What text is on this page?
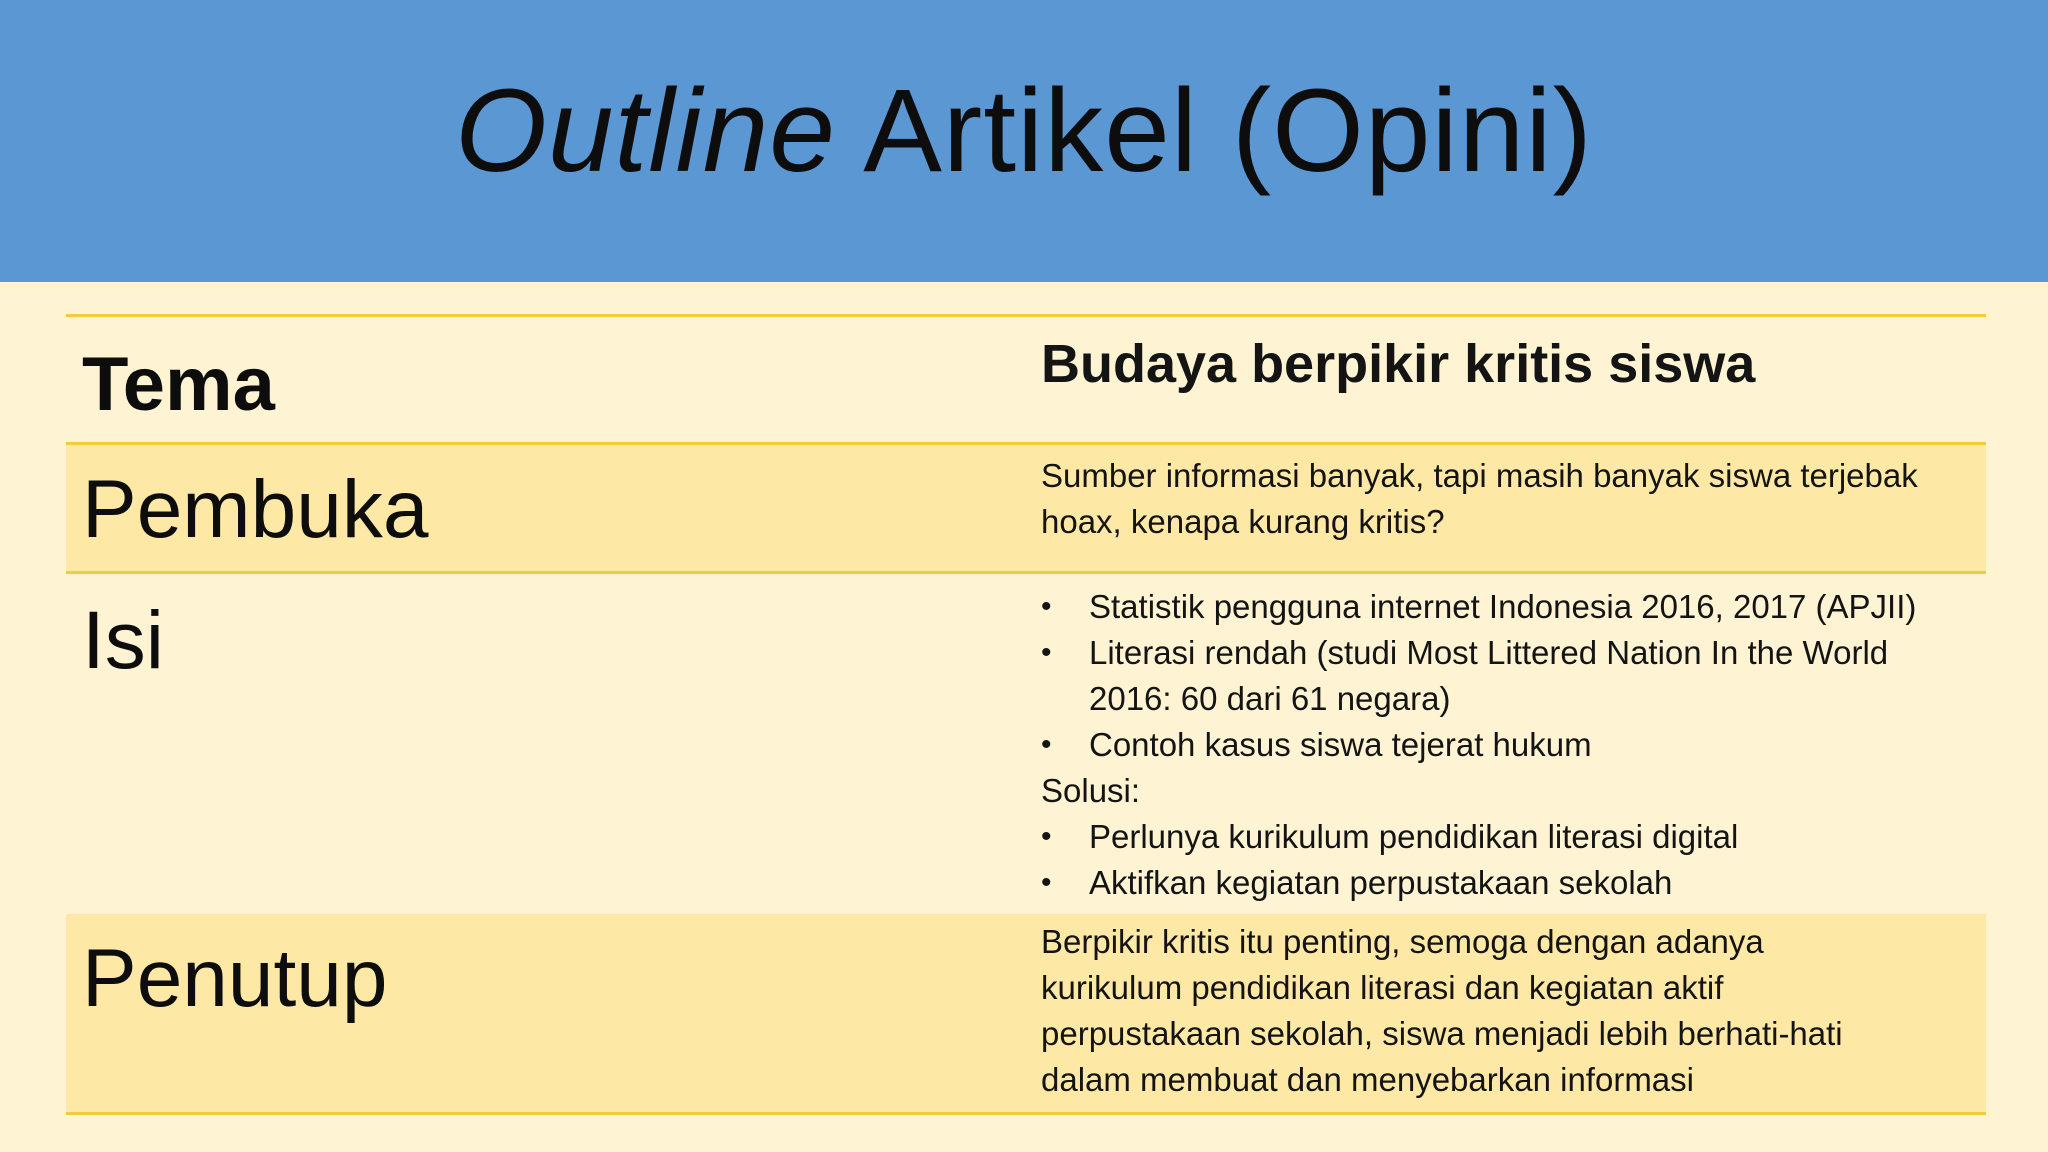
Outline Artikel (Opini)
Tema	Budaya berpikir kritis siswa
Pembuka	Sumber informasi banyak, tapi masih banyak siswa terjebak
hoax, kenapa kurang kritis?
Isi
•	Statistik pengguna internet Indonesia 2016, 2017 (APJII)
• Literasi rendah (studi Most Littered Nation In the World 2016: 60 dari 61 negara)
• Contoh kasus siswa tejerat hukum
Solusi:
• Perlunya kurikulum pendidikan literasi digital
• Aktifkan kegiatan perpustakaan sekolah
Penutup	Berpikir kritis itu penting, semoga dengan adanya
kurikulum pendidikan literasi dan kegiatan aktif
perpustakaan sekolah, siswa menjadi lebih berhati-hati
dalam membuat dan menyebarkan informasi
